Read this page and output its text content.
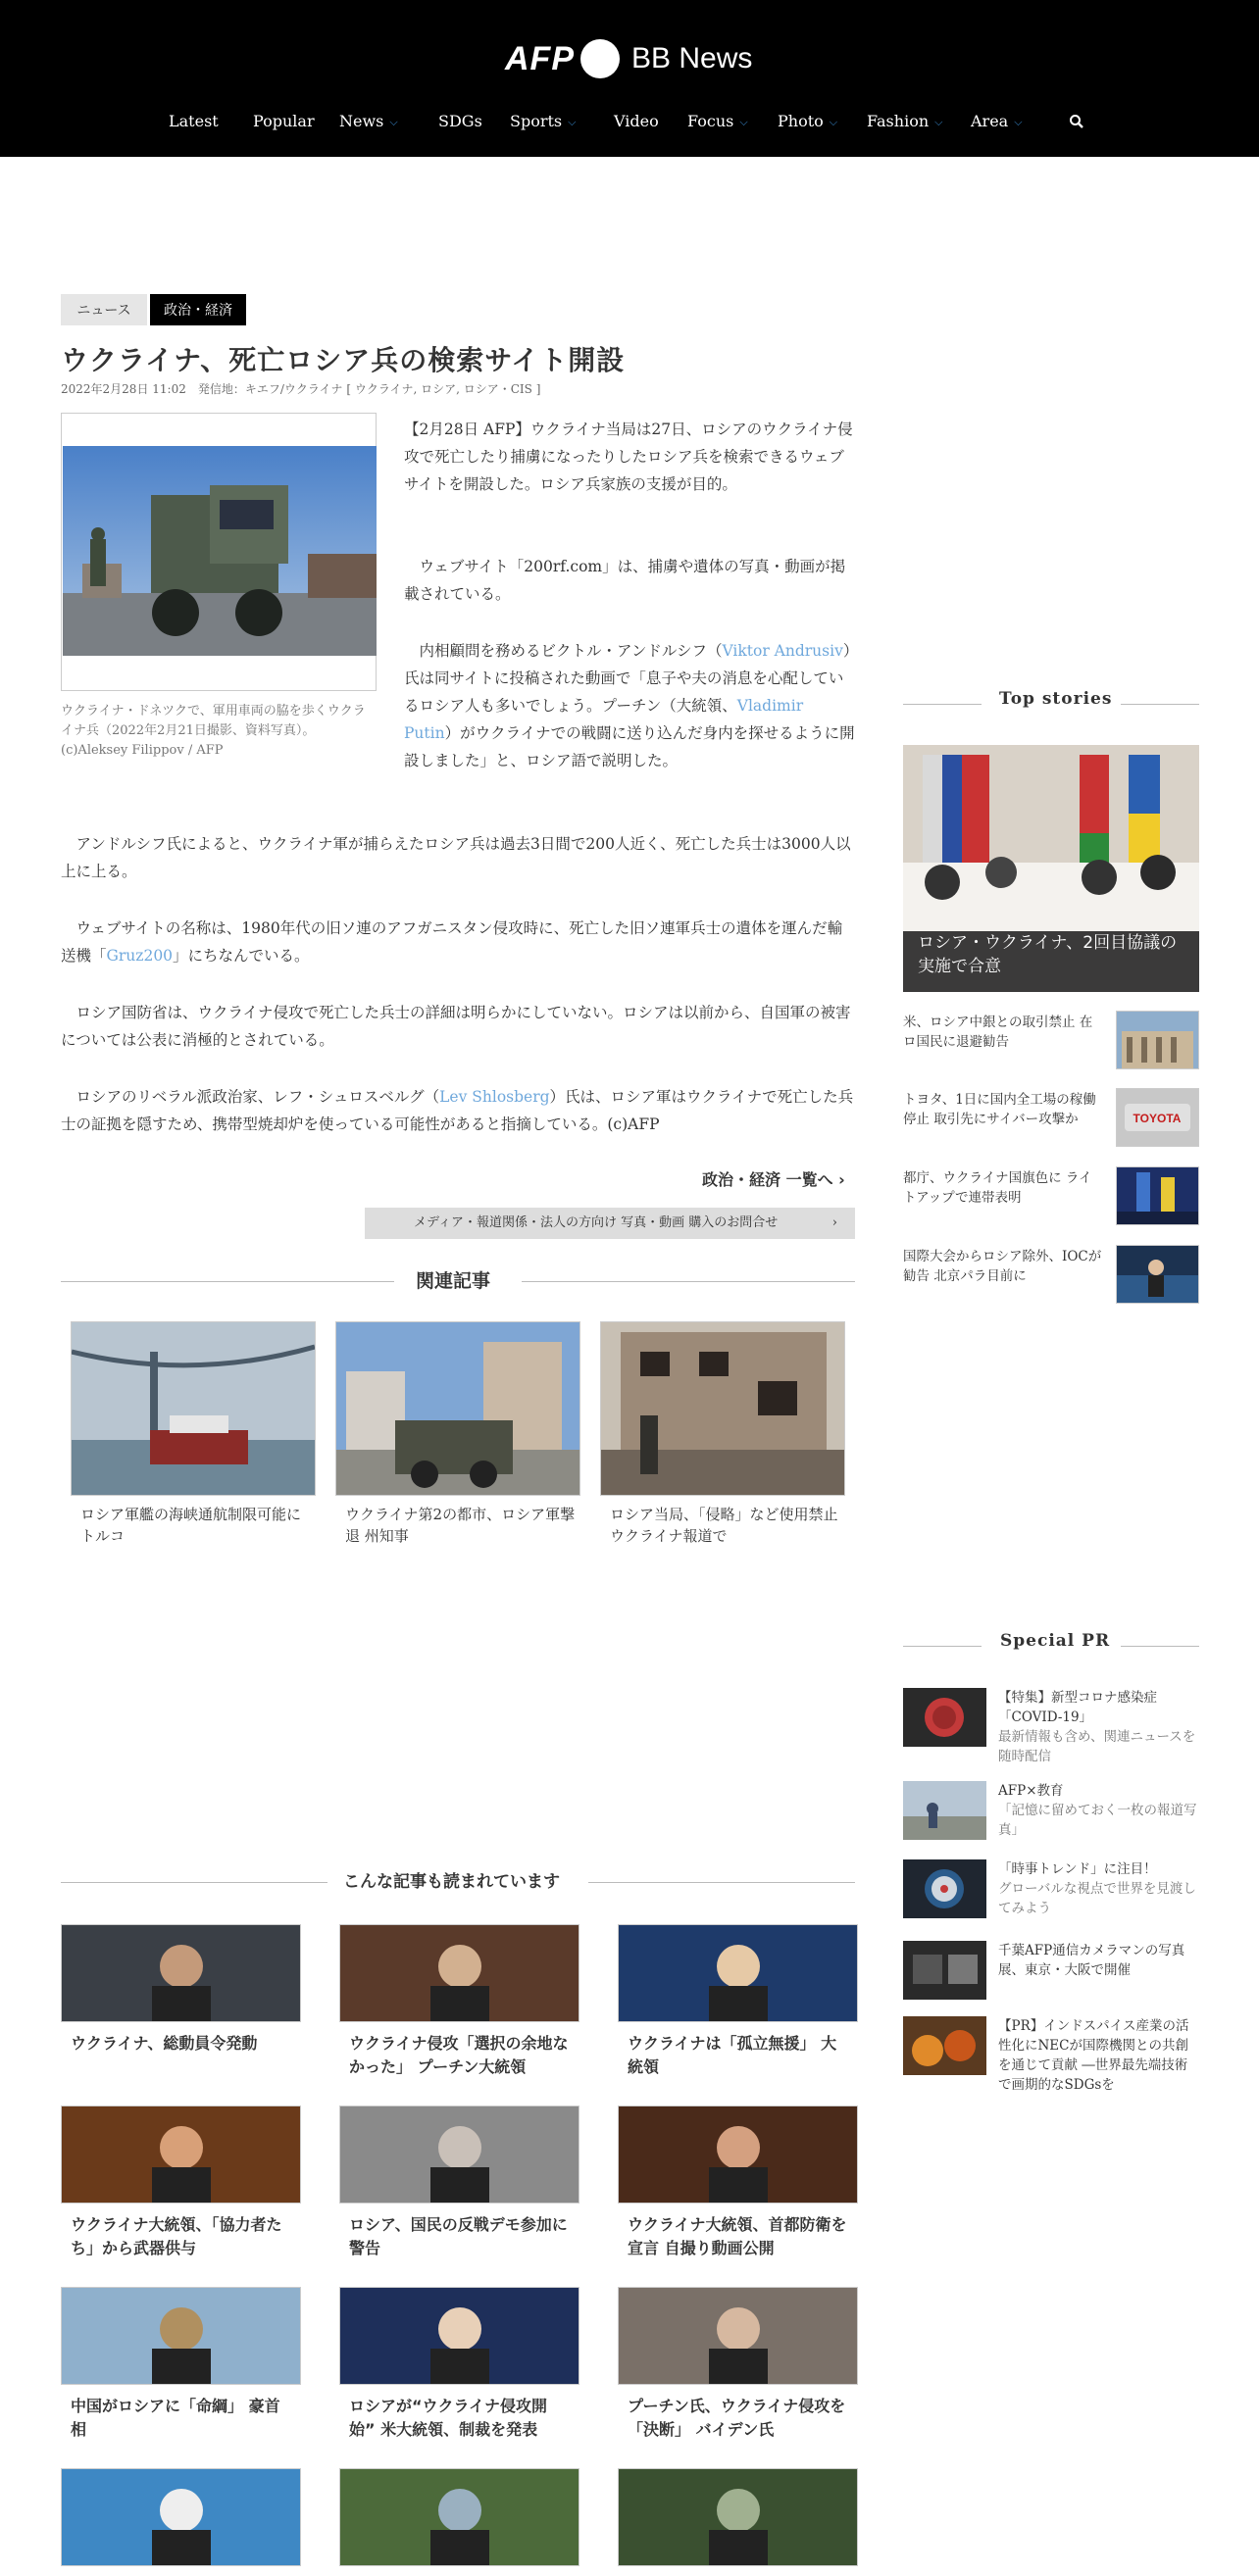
AFP BB News
Latest Popular News ⌵	SDGs Sports ⌵ Video Focus ⌵ Photo ⌵ Fashion ⌵ Area ⌵
ニュース	政治・経済
ウクライナ、死亡ロシア兵の検索サイト開設
2022年2月28日 11:02　発信地：キエフ/ウクライナ [ ウクライナ, ロシア, ロシア・CIS ]
ウクライナ・ドネツクで、軍用車両の脇を歩くウクライナ兵（2022年2月21日撮影、資料写真）。(c)Aleksey Filippov / AFP

【2月28日 AFP】ウクライナ当局は27日、ロシアのウクライナ侵攻で死亡したり捕虜になったりしたロシア兵を検索できるウェブサイトを開設した。ロシア兵家族の支援が目的。

　ウェブサイト「200rf.com」は、捕虜や遺体の写真・動画が掲載されている。

　内相顧問を務めるビクトル・アンドルシフ（Viktor Andrusiv）氏は同サイトに投稿された動画で「息子や夫の消息を心配しているロシア人も多いでしょう。プーチン（大統領、Vladimir Putin）がウクライナでの戦闘に送り込んだ身内を探せるように開設しました」と、ロシア語で説明した。

　アンドルシフ氏によると、ウクライナ軍が捕らえたロシア兵は過去3日間で200人近く、死亡した兵士は3000人以上に上る。

　ウェブサイトの名称は、1980年代の旧ソ連のアフガニスタン侵攻時に、死亡した旧ソ連軍兵士の遺体を運んだ輸送機「Gruz200」にちなんでいる。

　ロシア国防省は、ウクライナ侵攻で死亡した兵士の詳細は明らかにしていない。ロシアは以前から、自国軍の被害については公表に消極的とされている。

　ロシアのリベラル派政治家、レフ・シュロスベルグ（Lev Shlosberg）氏は、ロシア軍はウクライナで死亡した兵士の証拠を隠すため、携帯型焼却炉を使っている可能性があると指摘している。(c)AFP

政治・経済 一覧へ ›
メディア・報道関係・法人の方向け 写真・動画 購入のお問合せ	›
関連記事
ロシア軍艦の海峡通航制限可能に トルコ
ウクライナ第2の都市、ロシア軍撃退 州知事
ロシア当局、「侵略」など使用禁止 ウクライナ報道で
Top stories
ロシア・ウクライナ、2回目協議の実施で合意
米、ロシア中銀との取引禁止 在ロ国民に退避勧告
トヨタ、1日に国内全工場の稼働停止 取引先にサイバー攻撃か	TOYOTA
都庁、ウクライナ国旗色に ライトアップで連帯表明
国際大会からロシア除外、IOCが勧告 北京パラ目前に
Special PR
【特集】新型コロナ感染症「COVID-19」
最新情報も含め、関連ニュースを随時配信
AFP×教育
「記憶に留めておく一枚の報道写真」
「時事トレンド」に注目！
グローバルな視点で世界を見渡してみよう
千葉AFP通信カメラマンの写真展、東京・大阪で開催
【PR】インドスパイス産業の活性化にNECが国際機関との共創を通じて貢献 ―世界最先端技術で画期的なSDGsを
こんな記事も読まれています
ウクライナ、総動員令発動	ウクライナ侵攻「選択の余地なかった」 プーチン大統領
ウクライナは「孤立無援」 大統領
ウクライナ大統領、「協力者たち」から武器供与
ロシア、国民の反戦デモ参加に警告
ウクライナ大統領、首都防衛を宣言 自撮り動画公開
中国がロシアに「命綱」 豪首相
ロシアが“ウクライナ侵攻開始” 米大統領、制裁を発表
プーチン氏、ウクライナ侵攻を「決断」 バイデン氏
